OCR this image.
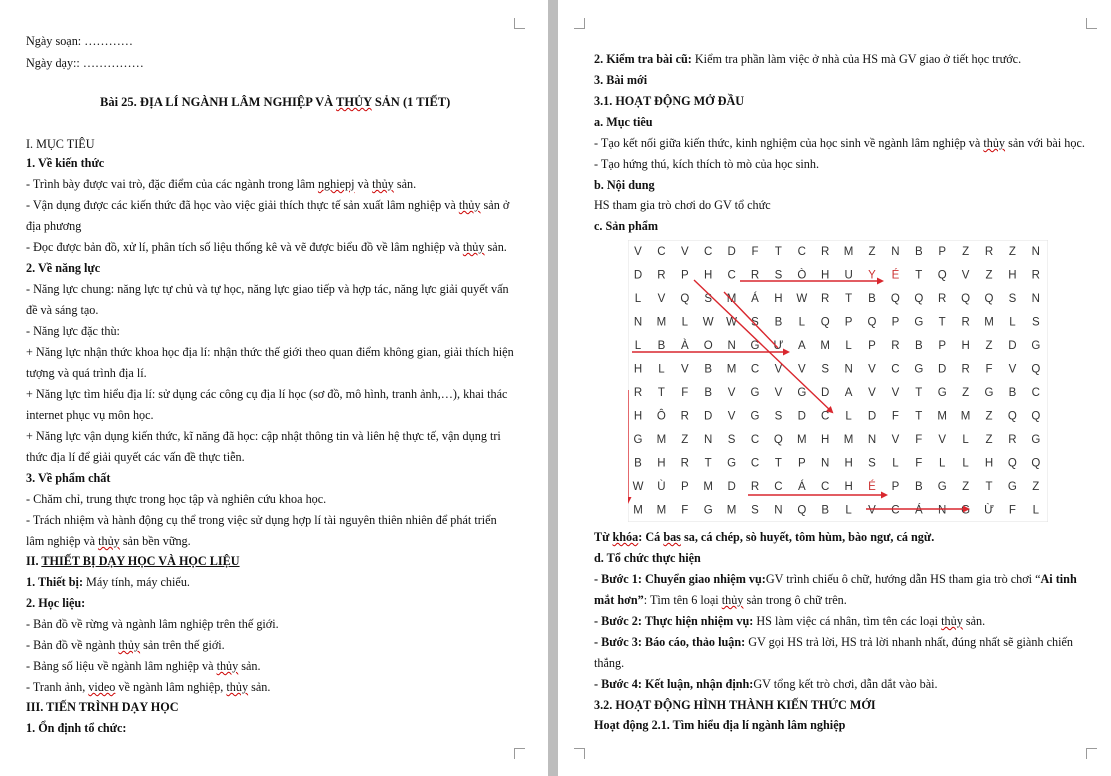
Ngày soạn: …………
Ngày dạy:: ……………
Bài 25. ĐỊA LÍ NGÀNH LÂM NGHIỆP VÀ THỦY SẢN (1 TIẾT)
I. MỤC TIÊU
1. Về kiến thức
- Trình bày được vai trò, đặc điểm của các ngành trong lâm nghiepj và thủy sản.
- Vận dụng được các kiến thức đã học vào việc giải thích thực tế sản xuất lâm nghiệp và thủy sản ở
địa phương
- Đọc được bản đồ, xử lí, phân tích số liệu thống kê và vẽ được biểu đồ về lâm nghiệp và thủy sản.
2. Về năng lực
- Năng lực chung: năng lực tự chủ và tự học, năng lực giao tiếp và hợp tác, năng lực giải quyết vấn
đề và sáng tạo.
- Năng lực đặc thù:
+ Năng lực nhận thức khoa học địa lí: nhận thức thế giới theo quan điểm không gian, giải thích hiện
tượng và quá trình địa lí.
+ Năng lực tìm hiểu địa lí: sử dụng các công cụ địa lí học (sơ đồ, mô hình, tranh ảnh,…), khai thác
internet phục vụ môn học.
+ Năng lực vận dụng kiến thức, kĩ năng đã học: cập nhật thông tin và liên hệ thực tế, vận dụng tri
thức địa lí để giải quyết các vấn đề thực tiễn.
3. Về phẩm chất
- Chăm chỉ, trung thực trong học tập và nghiên cứu khoa học.
- Trách nhiệm và hành động cụ thể trong việc sử dụng hợp lí tài nguyên thiên nhiên để phát triển
lâm nghiệp và thủy sản bền vững.
II. THIẾT BỊ DẠY HỌC VÀ HỌC LIỆU
1. Thiết bị: Máy tính, máy chiếu.
2. Học liệu:
- Bản đồ về rừng và ngành lâm nghiệp trên thế giới.
- Bản đồ về ngành thủy sản trên thế giới.
- Bảng số liệu về ngành lâm nghiệp và thủy sản.
- Tranh ảnh, video về ngành lâm nghiệp, thủy sản.
III. TIẾN TRÌNH DẠY HỌC
1. Ổn định tổ chức:
2. Kiểm tra bài cũ: Kiểm tra phần làm việc ở nhà của HS mà GV giao ở tiết học trước.
3. Bài mới
3.1. HOẠT ĐỘNG MỞ ĐẦU
a. Mục tiêu
- Tạo kết nối giữa kiến thức, kinh nghiệm của học sinh về ngành lâm nghiệp và thủy sản với bài học.
- Tạo hứng thú, kích thích tò mò của học sinh.
b. Nội dung
HS tham gia trò chơi do GV tổ chức
c. Sản phẩm
Từ khóa: Cá bas sa, cá chép, sò huyết, tôm hùm, bào ngư, cá ngừ.
d. Tổ chức thực hiện
- Bước 1: Chuyển giao nhiệm vụ:GV trình chiếu ô chữ, hướng dẫn HS tham gia trò chơi “Ai tinh
mắt hơn”: Tìm tên 6 loại thủy sản trong ô chữ trên.
- Bước 2: Thực hiện nhiệm vụ: HS làm việc cá nhân, tìm tên các loại thủy sản.
- Bước 3: Báo cáo, thảo luận: GV gọi HS trả lời, HS trả lời nhanh nhất, đúng nhất sẽ giành chiến
thắng.
- Bước 4: Kết luận, nhận định:GV tổng kết trò chơi, dẫn dắt vào bài.
3.2. HOẠT ĐỘNG HÌNH THÀNH KIẾN THỨC MỚI
Hoạt động 2.1. Tìm hiểu địa lí ngành lâm nghiệp
V C V C D F T C R M Z N B P Z R Z N
D R P H C R S Ò H U Y É T Q V Z H R
L V Q S M Á H W R T B Q Q R Q Q S N
N M L W W S B L Q P Q P G T R M L S
L B À O N G Ư A M L P R B P H Z D G
H L V B M C V V S N V C G D R F V Q
R T F B V G V G D A V V T G Z G B C
H Ô R D V G S D C L D F T M M Z Q Q
G M Z N S C Q M H M N V F V L Z R G
B H R T G C T P N H S L F L L H Q Q
W Ù P M D R C Á C H É P B G Z T G Z
M M F G M S N Q B L V C Á N G Ừ F L
